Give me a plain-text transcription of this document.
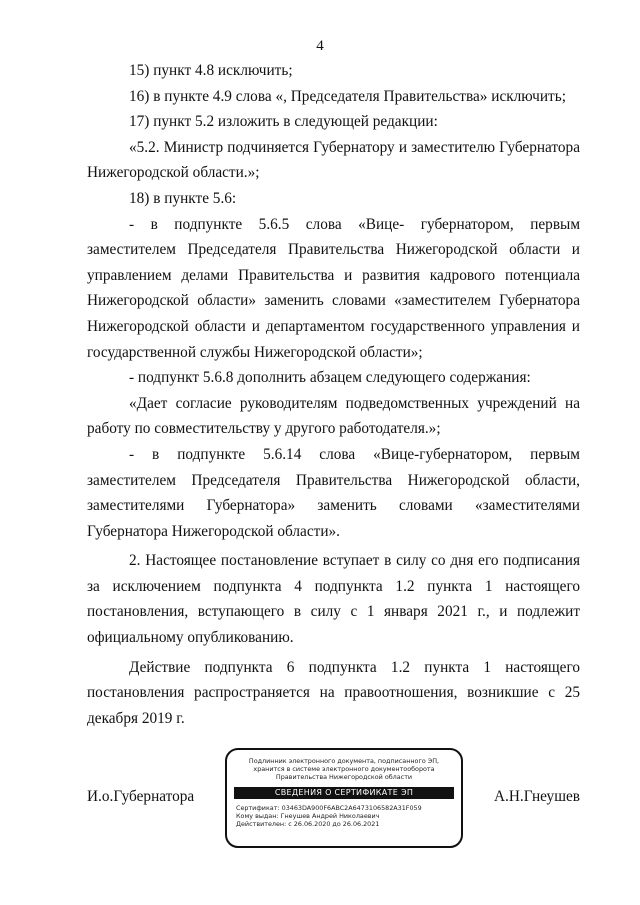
4

15) пункт 4.8 исключить;

16) в пункте 4.9 слова «, Председателя Правительства» исключить;

17) пункт 5.2 изложить в следующей редакции:

«5.2. Министр подчиняется Губернатору и заместителю Губернатора Нижегородской области.»;

18) в пункте 5.6:

- в подпункте 5.6.5 слова «Вице- губернатором, первым заместителем Председателя Правительства Нижегородской области и управлением делами Правительства и развития кадрового потенциала Нижегородской области» заменить словами «заместителем Губернатора Нижегородской области и департаментом государственного управления и государственной службы Нижегородской области»;

- подпункт 5.6.8 дополнить абзацем следующего содержания:

«Дает согласие руководителям подведомственных учреждений на работу по совместительству у другого работодателя.»;

- в подпункте 5.6.14 слова «Вице-губернатором, первым заместителем Председателя Правительства Нижегородской области, заместителями Губернатора» заменить словами «заместителями Губернатора Нижегородской области».

2. Настоящее постановление вступает в силу со дня его подписания за исключением подпункта 4 подпункта 1.2 пункта 1 настоящего постановления, вступающего в силу с 1 января 2021 г., и подлежит официальному опубликованию.

Действие подпункта 6 подпункта 1.2 пункта 1 настоящего постановления распространяется на правоотношения, возникшие с 25 декабря 2019 г.

И.о.Губернатора	А.Н.Гнеушев
Подлинник электронного документа, подписанного ЭП,
хранится в системе электронного документооборота
Правительства Нижегородской области
СВЕДЕНИЯ О СЕРТИФИКАТЕ ЭП
Сертификат: 03463DA900F6ABC2A6473106582A31F059
Кому выдан: Гнеушев Андрей Николаевич
Действителен: с 26.06.2020 до 26.06.2021
